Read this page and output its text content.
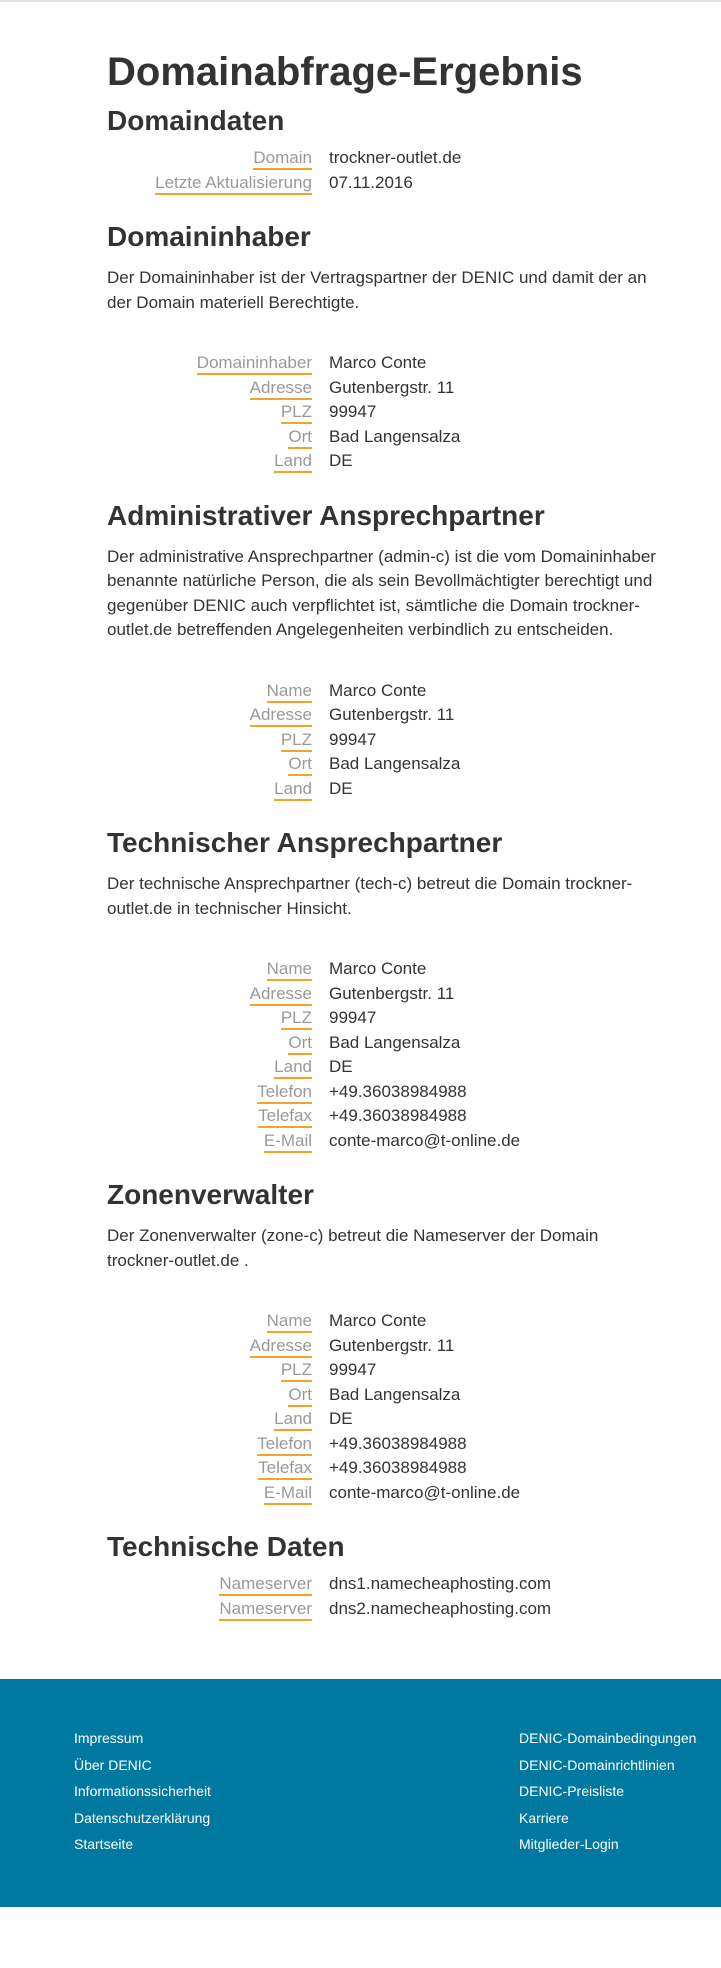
Domainabfrage-Ergebnis
Domaindaten
Domain trockner-outlet.de
Letzte Aktualisierung 07.11.2016
Domaininhaber

Der Domaininhaber ist der Vertragspartner der DENIC und damit der an der Domain materiell Berechtigte.

Domaininhaber Marco Conte
Adresse Gutenbergstr. 11
PLZ 99947
Ort Bad Langensalza
Land DE
Administrativer Ansprechpartner

Der administrative Ansprechpartner (admin-c) ist die vom Domaininhaber benannte natürliche Person, die als sein Bevollmächtigter berechtigt und gegenüber DENIC auch verpflichtet ist, sämtliche die Domain trockner-outlet.de betreffenden Angelegenheiten verbindlich zu entscheiden.

Name Marco Conte
Adresse Gutenbergstr. 11
PLZ 99947
Ort Bad Langensalza
Land DE
Technischer Ansprechpartner

Der technische Ansprechpartner (tech-c) betreut die Domain trockner-outlet.de in technischer Hinsicht.

Name Marco Conte
Adresse Gutenbergstr. 11
PLZ 99947
Ort Bad Langensalza
Land DE
Telefon +49.36038984988
Telefax +49.36038984988
E-Mail conte-marco@t-online.de
Zonenverwalter

Der Zonenverwalter (zone-c) betreut die Nameserver der Domain trockner-outlet.de .

Name Marco Conte
Adresse Gutenbergstr. 11
PLZ 99947
Ort Bad Langensalza
Land DE
Telefon +49.36038984988
Telefax +49.36038984988
E-Mail conte-marco@t-online.de
Technische Daten
Nameserver dns1.namecheaphosting.com
Nameserver dns2.namecheaphosting.com
Impressum
Über DENIC
Informationssicherheit
Datenschutzerklärung
Startseite
DENIC-Domainbedingungen
DENIC-Domainrichtlinien
DENIC-Preisliste
Karriere
Mitglieder-Login
